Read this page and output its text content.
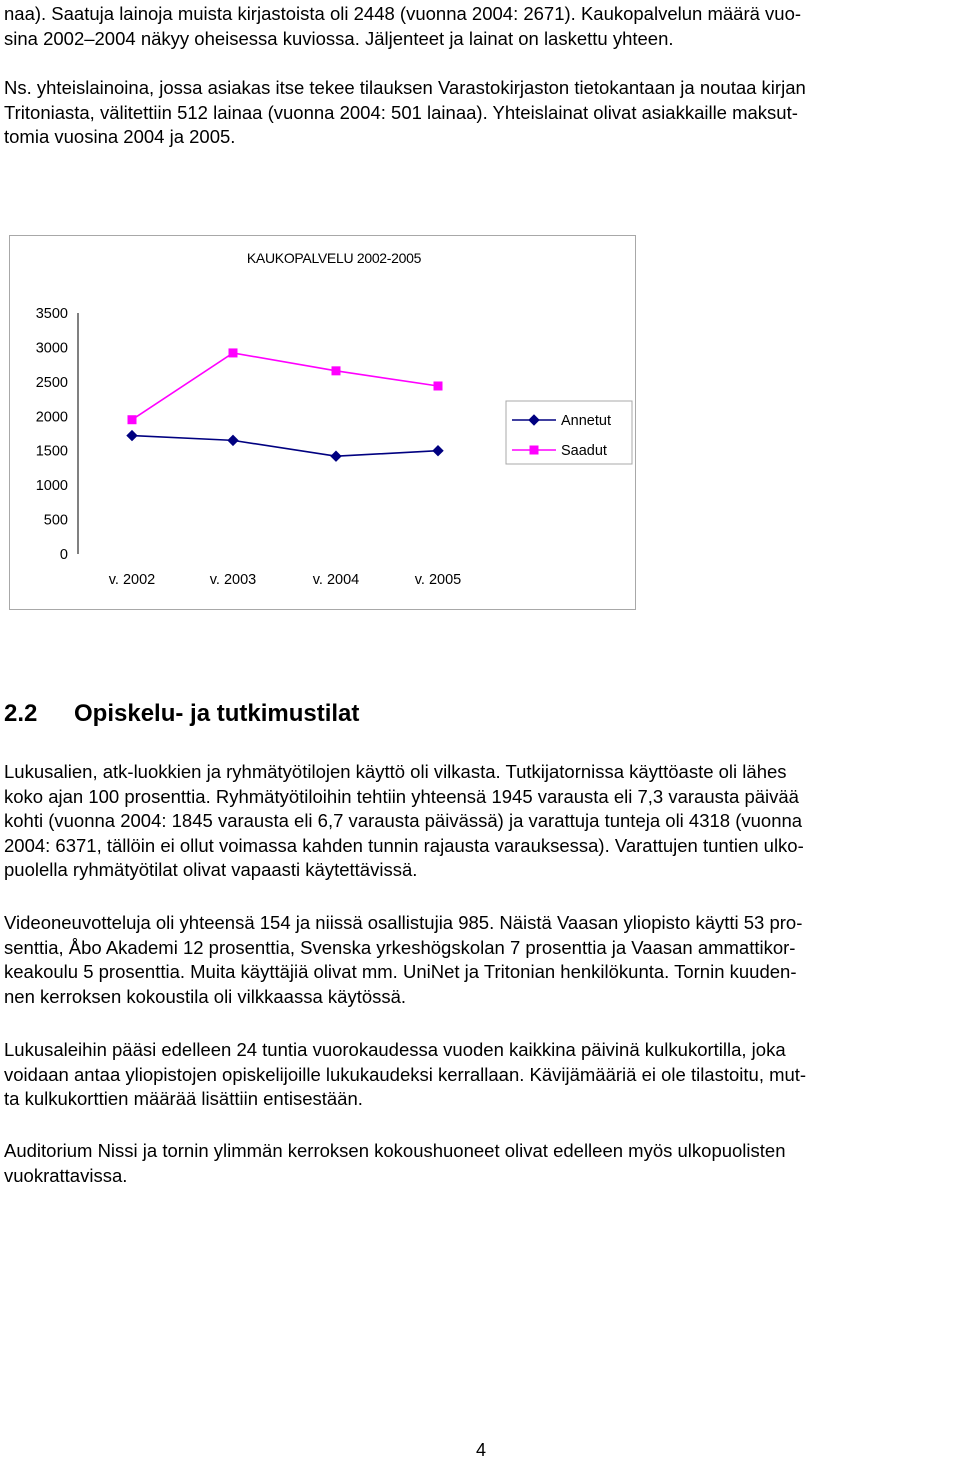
naa). Saatuja lainoja muista kirjastoista oli 2448 (vuonna 2004: 2671). Kaukopalvelun määrä vuo-
sina 2002–2004 näkyy oheisessa kuviossa. Jäljenteet ja lainat on laskettu yhteen.
Ns. yhteislainoina, jossa asiakas itse tekee tilauksen Varastokirjaston tietokantaan ja noutaa kirjan
Tritoniasta, välitettiin 512 lainaa (vuonna 2004: 501 lainaa). Yhteislainat olivat asiakkaille maksut-
tomia vuosina 2004 ja 2005.
KAUKOPALVELU 2002-2005
0
500
1000
1500
2000
2500
3000
3500
v. 2002	v. 2003	v. 2004	v. 2005
Annetut
Saadut
2.2 Opiskelu- ja tutkimustilat
Lukusalien, atk-luokkien ja ryhmätyötilojen käyttö oli vilkasta. Tutkijatornissa käyttöaste oli lähes
koko ajan 100 prosenttia. Ryhmätyötiloihin tehtiin yhteensä 1945 varausta eli 7,3 varausta päivää
kohti (vuonna 2004: 1845 varausta eli 6,7 varausta päivässä) ja varattuja tunteja oli 4318 (vuonna
2004: 6371, tällöin ei ollut voimassa kahden tunnin rajausta varauksessa). Varattujen tuntien ulko-
puolella ryhmätyötilat olivat vapaasti käytettävissä.
Videoneuvotteluja oli yhteensä 154 ja niissä osallistujia 985. Näistä Vaasan yliopisto käytti 53 pro-
senttia, Åbo Akademi 12 prosenttia, Svenska yrkeshögskolan 7 prosenttia ja Vaasan ammattikor-
keakoulu 5 prosenttia. Muita käyttäjiä olivat mm. UniNet ja Tritonian henkilökunta. Tornin kuuden-
nen kerroksen kokoustila oli vilkkaassa käytössä.
Lukusaleihin pääsi edelleen 24 tuntia vuorokaudessa vuoden kaikkina päivinä kulkukortilla, joka
voidaan antaa yliopistojen opiskelijoille lukukaudeksi kerrallaan. Kävijämääriä ei ole tilastoitu, mut-
ta kulkukorttien määrää lisättiin entisestään.
Auditorium Nissi ja tornin ylimmän kerroksen kokoushuoneet olivat edelleen myös ulkopuolisten
vuokrattavissa.
4
